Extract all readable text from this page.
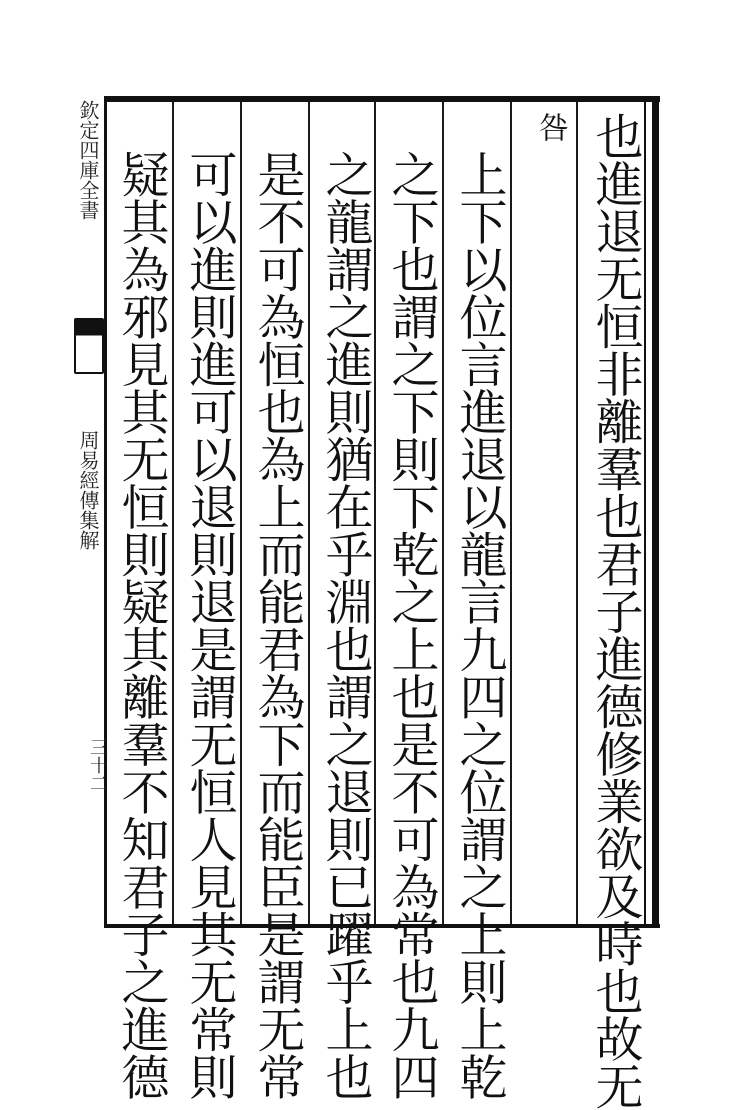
也進退无恒非離羣也君子進德修業欲及時也故无
咎
上下以位言進退以龍言九四之位謂之上則上乾
之下也謂之下則下乾之上也是不可為常也九四
之龍謂之進則猶在乎淵也謂之退則已躍乎上也
是不可為恒也為上而能君為下而能臣是謂无常
可以進則進可以退則退是謂无恒人見其无常則
疑其為邪見其无恒則疑其離羣不知君子之進德
欽定四庫全書
周易經傳集解
三十二
